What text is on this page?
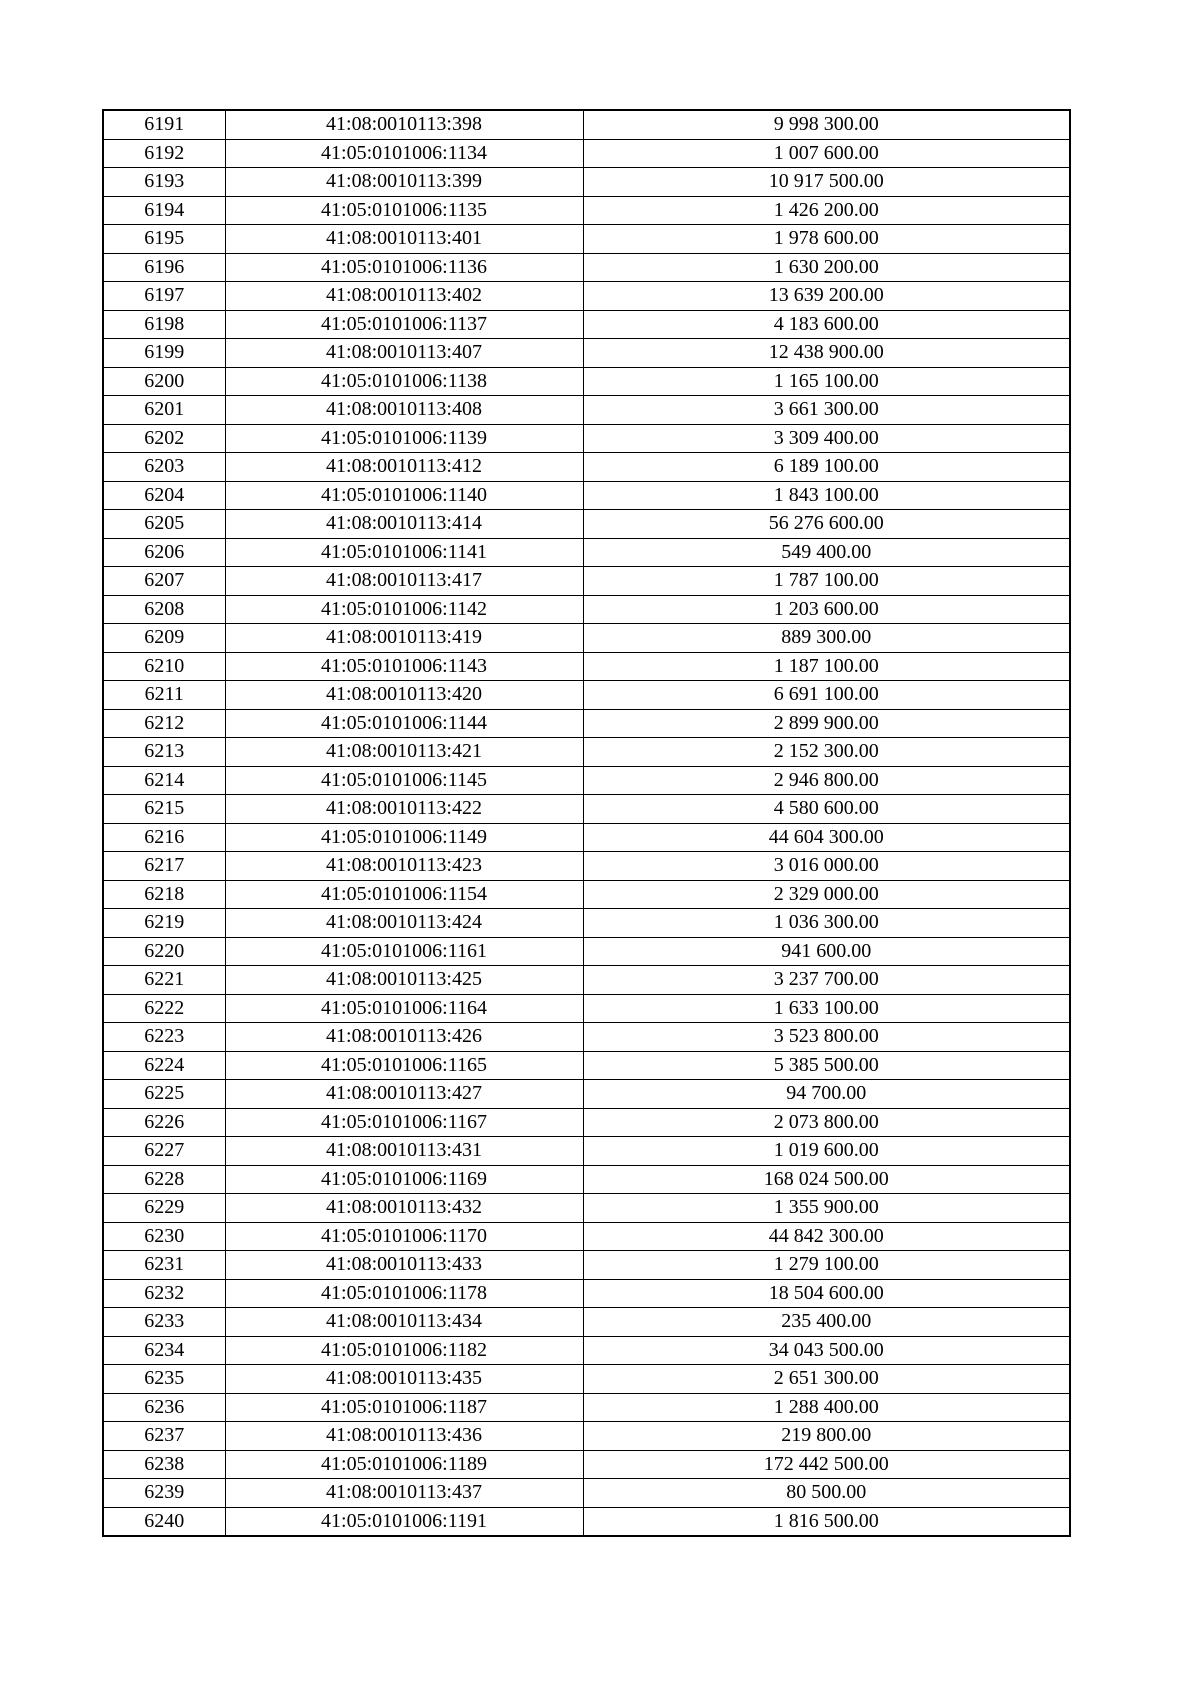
6191	41:08:0010113:398	9 998 300.00
6192	41:05:0101006:1134	1 007 600.00
6193	41:08:0010113:399	10 917 500.00
6194	41:05:0101006:1135	1 426 200.00
6195	41:08:0010113:401	1 978 600.00
6196	41:05:0101006:1136	1 630 200.00
6197	41:08:0010113:402	13 639 200.00
6198	41:05:0101006:1137	4 183 600.00
6199	41:08:0010113:407	12 438 900.00
6200	41:05:0101006:1138	1 165 100.00
6201	41:08:0010113:408	3 661 300.00
6202	41:05:0101006:1139	3 309 400.00
6203	41:08:0010113:412	6 189 100.00
6204	41:05:0101006:1140	1 843 100.00
6205	41:08:0010113:414	56 276 600.00
6206	41:05:0101006:1141	549 400.00
6207	41:08:0010113:417	1 787 100.00
6208	41:05:0101006:1142	1 203 600.00
6209	41:08:0010113:419	889 300.00
6210	41:05:0101006:1143	1 187 100.00
6211	41:08:0010113:420	6 691 100.00
6212	41:05:0101006:1144	2 899 900.00
6213	41:08:0010113:421	2 152 300.00
6214	41:05:0101006:1145	2 946 800.00
6215	41:08:0010113:422	4 580 600.00
6216	41:05:0101006:1149	44 604 300.00
6217	41:08:0010113:423	3 016 000.00
6218	41:05:0101006:1154	2 329 000.00
6219	41:08:0010113:424	1 036 300.00
6220	41:05:0101006:1161	941 600.00
6221	41:08:0010113:425	3 237 700.00
6222	41:05:0101006:1164	1 633 100.00
6223	41:08:0010113:426	3 523 800.00
6224	41:05:0101006:1165	5 385 500.00
6225	41:08:0010113:427	94 700.00
6226	41:05:0101006:1167	2 073 800.00
6227	41:08:0010113:431	1 019 600.00
6228	41:05:0101006:1169	168 024 500.00
6229	41:08:0010113:432	1 355 900.00
6230	41:05:0101006:1170	44 842 300.00
6231	41:08:0010113:433	1 279 100.00
6232	41:05:0101006:1178	18 504 600.00
6233	41:08:0010113:434	235 400.00
6234	41:05:0101006:1182	34 043 500.00
6235	41:08:0010113:435	2 651 300.00
6236	41:05:0101006:1187	1 288 400.00
6237	41:08:0010113:436	219 800.00
6238	41:05:0101006:1189	172 442 500.00
6239	41:08:0010113:437	80 500.00
6240	41:05:0101006:1191	1 816 500.00
